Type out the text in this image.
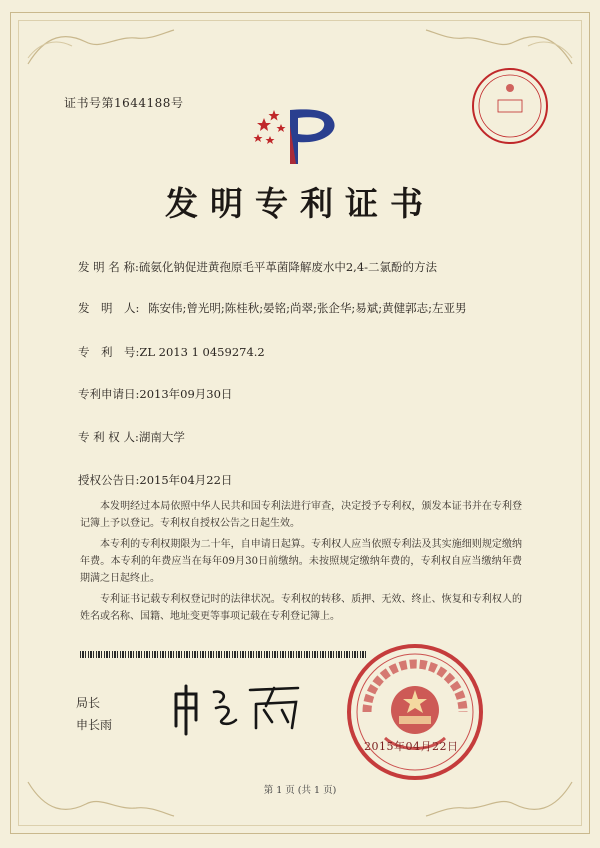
证书号第1644188号
发明专利证书
发 明 名 称:硫氨化钠促进黄孢原毛平革菌降解废水中2,4-二氯酚的方法
发　明　人: 陈安伟;曾光明;陈桂秋;晏铭;尚翠;张企华;易斌;黄健郭志;左亚男
专　利　号:ZL 2013 1 0459274.2
专利申请日:2013年09月30日
专 利 权 人:湖南大学
授权公告日:2015年04月22日

本发明经过本局依照中华人民共和国专利法进行审查，决定授予专利权，颁发本证书并在专利登记簿上予以登记。专利权自授权公告之日起生效。

本专利的专利权期限为二十年，自申请日起算。专利权人应当依照专利法及其实施细则规定缴纳年费。本专利的年费应当在每年09月30日前缴纳。未按照规定缴纳年费的，专利权自应当缴纳年费期满之日起终止。

专利证书记载专利权登记时的法律状况。专利权的转移、质押、无效、终止、恢复和专利权人的姓名或名称、国籍、地址变更等事项记载在专利登记簿上。

局长
申长雨
2015年04月22日
第 1 页 (共 1 页)
